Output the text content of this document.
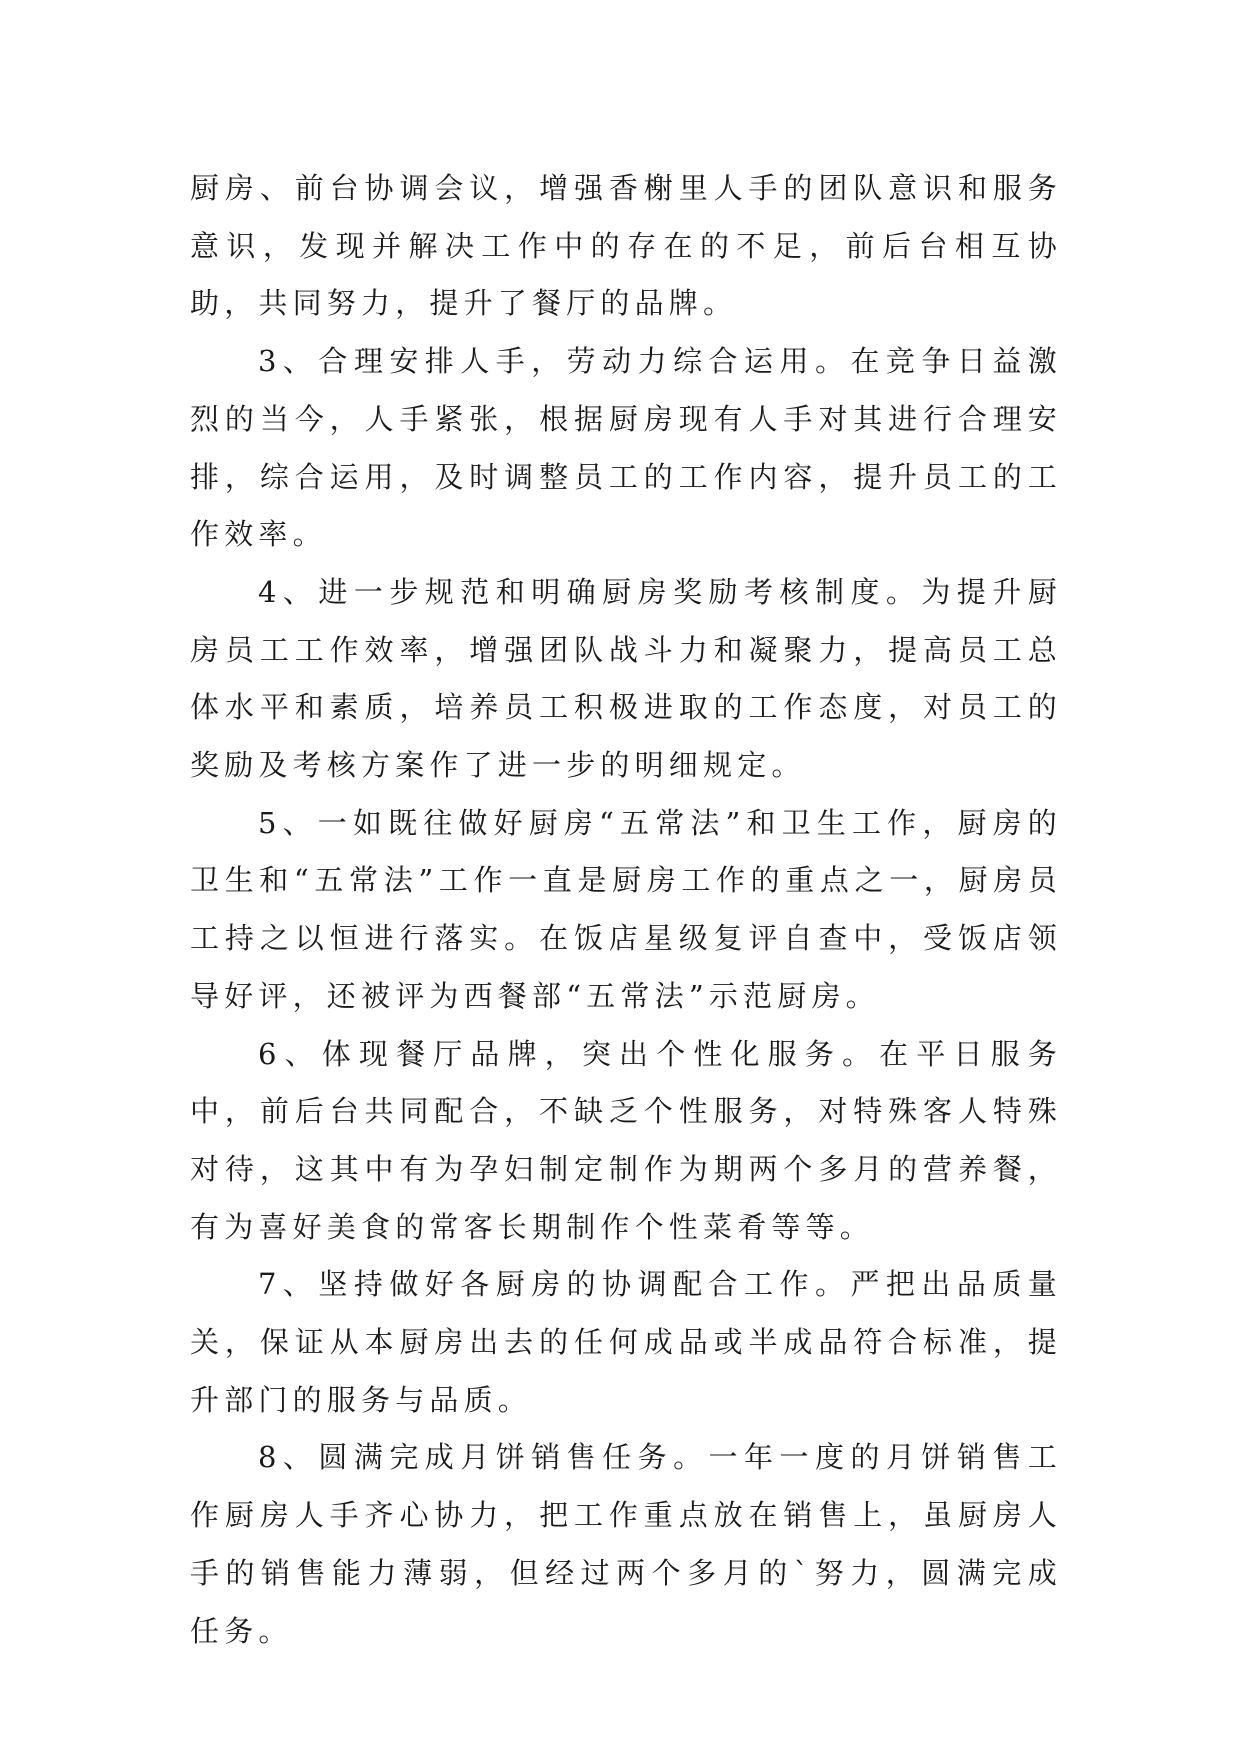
厨房、前台协调会议，增强香榭里人手的团队意识和服务意识，发现并解决工作中的存在的不足，前后台相互协助，共同努力，提升了餐厅的品牌。

3、合理安排人手，劳动力综合运用。在竞争日益激烈的当今，人手紧张，根据厨房现有人手对其进行合理安排，综合运用，及时调整员工的工作内容，提升员工的工作效率。

4、进一步规范和明确厨房奖励考核制度。为提升厨房员工工作效率，增强团队战斗力和凝聚力，提高员工总体水平和素质，培养员工积极进取的工作态度，对员工的奖励及考核方案作了进一步的明细规定。

5、一如既往做好厨房“五常法”和卫生工作，厨房的卫生和“五常法”工作一直是厨房工作的重点之一，厨房员工持之以恒进行落实。在饭店星级复评自查中，受饭店领导好评，还被评为西餐部“五常法”示范厨房。

6、体现餐厅品牌，突出个性化服务。在平日服务中，前后台共同配合，不缺乏个性服务，对特殊客人特殊对待，这其中有为孕妇制定制作为期两个多月的营养餐，有为喜好美食的常客长期制作个性菜肴等等。

7、坚持做好各厨房的协调配合工作。严把出品质量关，保证从本厨房出去的任何成品或半成品符合标准，提升部门的服务与品质。

8、圆满完成月饼销售任务。一年一度的月饼销售工作厨房人手齐心协力，把工作重点放在销售上，虽厨房人手的销售能力薄弱，但经过两个多月的`努力，圆满完成任务。
